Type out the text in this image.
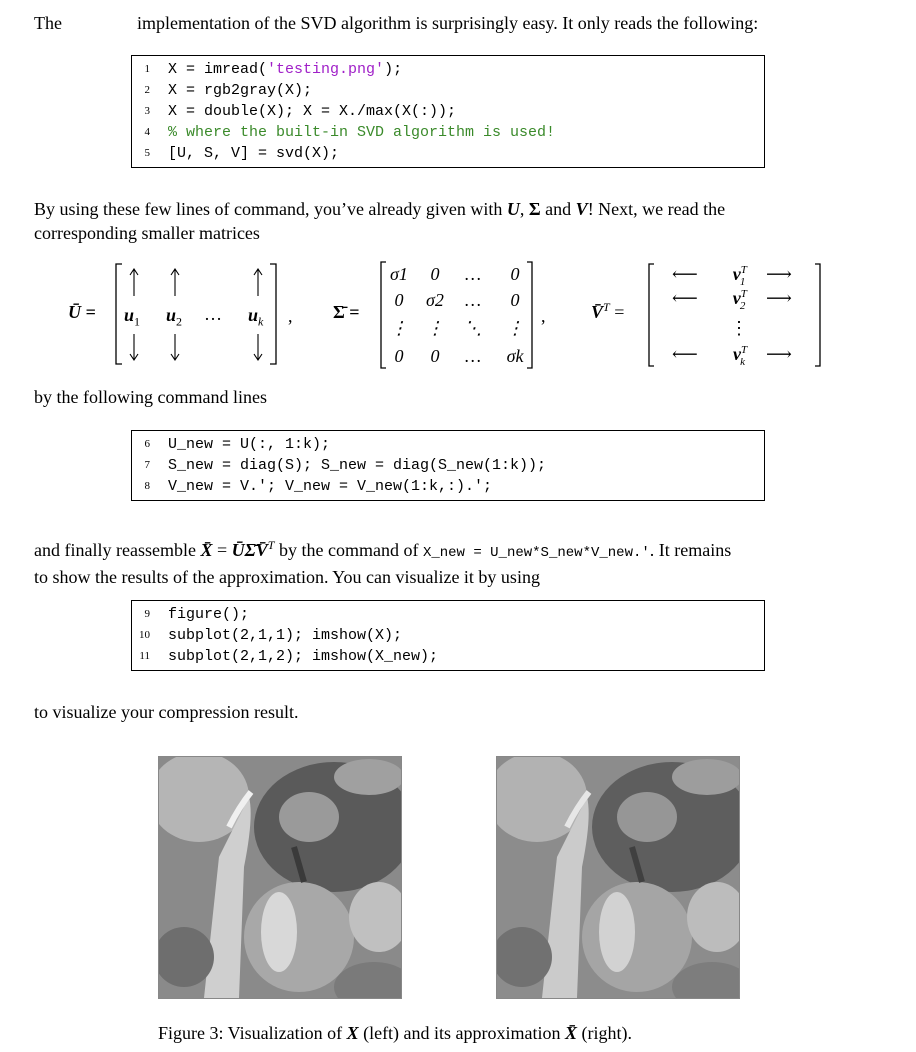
The	implementation of the SVD algorithm is surprisingly easy. It only reads the following:
1 X = imread('testing.png');
2 X = rgb2gray(X);
3 X = double(X); X = X./max(X(:));
4 % where the built-in SVD algorithm is used!
5 [U, S, V] = svd(X);
By using these few lines of command, you’ve already given with U, Σ and V! Next, we read the
corresponding smaller matrices
Ū = $u_1$ $u_2$ … $u_k$ , Σ̄ =
σ1	0	…	0
0	σ2	…	0
⋮	⋮	⋱	⋮
0	0	…	σk
,	V̄$^T$ =
⟵	$v^T_1$	⟶
⟵	$v^T_2$	⟶
⋮
⟵	$v^T_k$	⟶
by the following command lines
6 U_new = U(:, 1:k);
7 S_new = diag(S); S_new = diag(S_new(1:k));
8 V_new = V.'; V_new = V_new(1:k,:).';
and finally reassemble X̄ = ŪΣ̄V̄$^T$ by the command of X_new = U_new*S_new*V_new.'. It remains
to show the results of the approximation. You can visualize it by using
9 figure();
10 subplot(2,1,1); imshow(X);
11 subplot(2,1,2); imshow(X_new);
to visualize your compression result.
Figure 3: Visualization of X (left) and its approximation X̄ (right).
